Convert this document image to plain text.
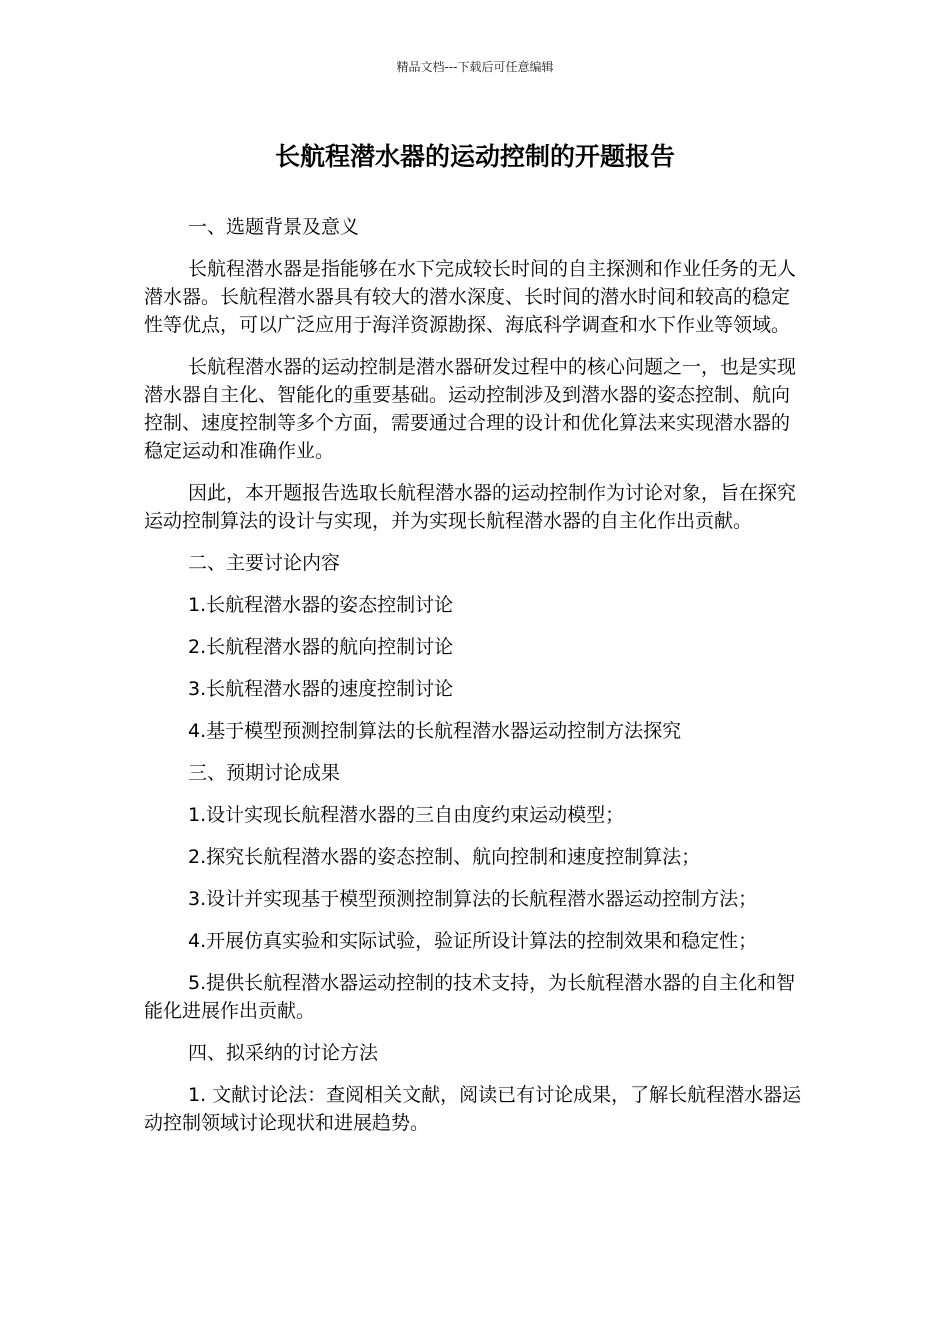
精品文档---下载后可任意编辑
长航程潜水器的运动控制的开题报告

一、选题背景及意义

长航程潜水器是指能够在水下完成较长时间的自主探测和作业任务的无人潜水器。长航程潜水器具有较大的潜水深度、长时间的潜水时间和较高的稳定性等优点，可以广泛应用于海洋资源勘探、海底科学调查和水下作业等领域。

长航程潜水器的运动控制是潜水器研发过程中的核心问题之一，也是实现潜水器自主化、智能化的重要基础。运动控制涉及到潜水器的姿态控制、航向控制、速度控制等多个方面，需要通过合理的设计和优化算法来实现潜水器的稳定运动和准确作业。

因此，本开题报告选取长航程潜水器的运动控制作为讨论对象，旨在探究运动控制算法的设计与实现，并为实现长航程潜水器的自主化作出贡献。

二、主要讨论内容

1.长航程潜水器的姿态控制讨论

2.长航程潜水器的航向控制讨论

3.长航程潜水器的速度控制讨论

4.基于模型预测控制算法的长航程潜水器运动控制方法探究

三、预期讨论成果

1.设计实现长航程潜水器的三自由度约束运动模型；

2.探究长航程潜水器的姿态控制、航向控制和速度控制算法；

3.设计并实现基于模型预测控制算法的长航程潜水器运动控制方法；

4.开展仿真实验和实际试验，验证所设计算法的控制效果和稳定性；

5.提供长航程潜水器运动控制的技术支持，为长航程潜水器的自主化和智能化进展作出贡献。

四、拟采纳的讨论方法

1. 文献讨论法：查阅相关文献，阅读已有讨论成果，了解长航程潜水器运动控制领域讨论现状和进展趋势。
